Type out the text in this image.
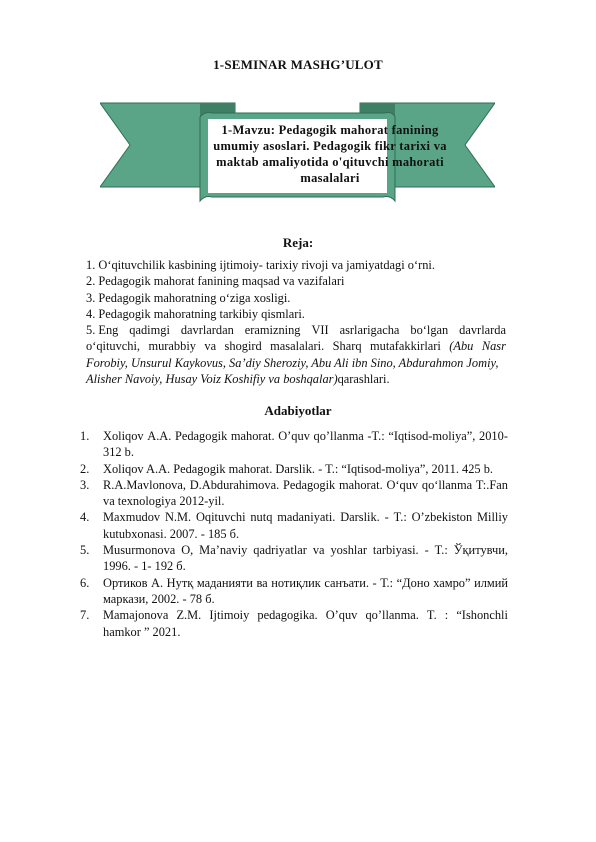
1-SEMINAR MASHG’ULOT
1-Mavzu: Pedagogik mahorat fanining
umumiy asoslari. Pedagogik fikr tarixi va
maktab amaliyotida o'qituvchi mahorati
masalalari
Reja:
1. O‘qituvchilik kasbining ijtimoiy- tarixiy rivoji va jamiyatdagi o‘rni.
2. Pedagogik mahorat fanining maqsad va vazifalari
3. Pedagogik mahoratning o‘ziga xosligi.
4. Pedagogik mahoratning tarkibiy qismlari.
5. Eng qadimgi davrlardan eramizning VII asrlarigacha bo‘lgan davrlarda
o‘qituvchi, murabbiy va shogird masalalari. Sharq mutafakkirlari (Abu Nasr
Forobiy, Unsurul Kaykovus, Sa’diy Sheroziy, Abu Ali ibn Sino, Abdurahmon Jomiy,
Alisher Navoiy, Husay Voiz Koshifiy va boshqalar)qarashlari.
Adabiyotlar
1. Xoliqov A.A. Pedagogik mahorat. O’quv qo’llanma -T.: “Iqtisod-moliya”, 2010-
312 b.
2. Xoliqov A.A. Pedagogik mahorat. Darslik. - T.: “Iqtisod-moliya”, 2011. 425 b.
3. R.A.Mavlonova, D.Abdurahimova. Pedagogik mahorat. O‘quv qo‘llanma T:.Fan
va texnologiya 2012-yil.
4. Maxmudov N.M. Oqituvchi nutq madaniyati. Darslik. - T.: O’zbekiston Milliy
kutubxonasi. 2007. - 185 б.
5. Musurmonova O, Ma’naviy qadriyatlar va yoshlar tarbiyasi. - T.: Ўқитувчи,
1996. - 1- 192 б.
6. Ортиков А. Нутқ маданияти ва нотиқлик санъати. - Т.: “Доно хамро” илмий
маркази, 2002. - 78 б.
7. Mamajonova Z.M. Ijtimoiy pedagogika. O’quv qo’llanma. T. : “Ishonchli
hamkor ” 2021.
